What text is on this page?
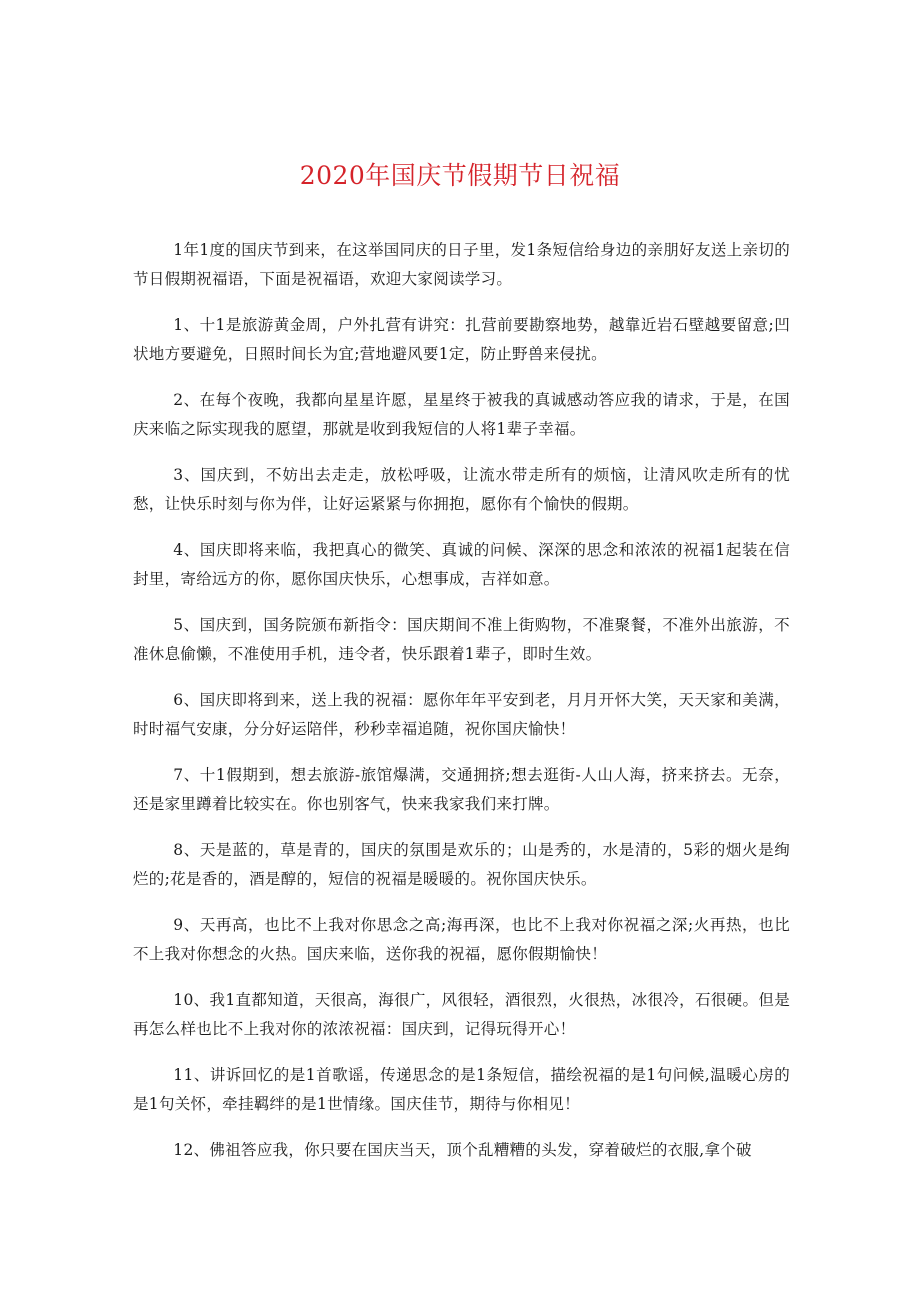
2020年国庆节假期节日祝福

1年1度的国庆节到来，在这举国同庆的日子里，发1条短信给身边的亲朋好友送上亲切的节日假期祝福语，下面是祝福语，欢迎大家阅读学习。

1、十1是旅游黄金周，户外扎营有讲究：扎营前要勘察地势，越靠近岩石壁越要留意;凹状地方要避免，日照时间长为宜;营地避风要1定，防止野兽来侵扰。

2、在每个夜晚，我都向星星许愿，星星终于被我的真诚感动答应我的请求，于是，在国庆来临之际实现我的愿望，那就是收到我短信的人将1辈子幸福。

3、国庆到，不妨出去走走，放松呼吸，让流水带走所有的烦恼，让清风吹走所有的忧愁，让快乐时刻与你为伴，让好运紧紧与你拥抱，愿你有个愉快的假期。

4、国庆即将来临，我把真心的微笑、真诚的问候、深深的思念和浓浓的祝福1起装在信封里，寄给远方的你，愿你国庆快乐，心想事成，吉祥如意。

5、国庆到，国务院颁布新指令：国庆期间不准上街购物，不准聚餐，不准外出旅游，不准休息偷懒，不准使用手机，违令者，快乐跟着1辈子，即时生效。

6、国庆即将到来，送上我的祝福：愿你年年平安到老，月月开怀大笑，天天家和美满，时时福气安康，分分好运陪伴，秒秒幸福追随，祝你国庆愉快！

7、十1假期到，想去旅游-旅馆爆满，交通拥挤;想去逛街-人山人海，挤来挤去。无奈，还是家里蹲着比较实在。你也别客气，快来我家我们来打牌。

8、天是蓝的，草是青的，国庆的氛围是欢乐的；山是秀的，水是清的，5彩的烟火是绚烂的;花是香的，酒是醇的，短信的祝福是暖暖的。祝你国庆快乐。

9、天再高，也比不上我对你思念之高;海再深，也比不上我对你祝福之深;火再热，也比不上我对你想念的火热。国庆来临，送你我的祝福，愿你假期愉快！

10、我1直都知道，天很高，海很广，风很轻，酒很烈，火很热，冰很冷，石很硬。但是再怎么样也比不上我对你的浓浓祝福：国庆到，记得玩得开心！

11、讲诉回忆的是1首歌谣，传递思念的是1条短信，描绘祝福的是1句问候,温暖心房的是1句关怀，牵挂羁绊的是1世情缘。国庆佳节，期待与你相见！

12、佛祖答应我，你只要在国庆当天，顶个乱糟糟的头发，穿着破烂的衣服,拿个破
